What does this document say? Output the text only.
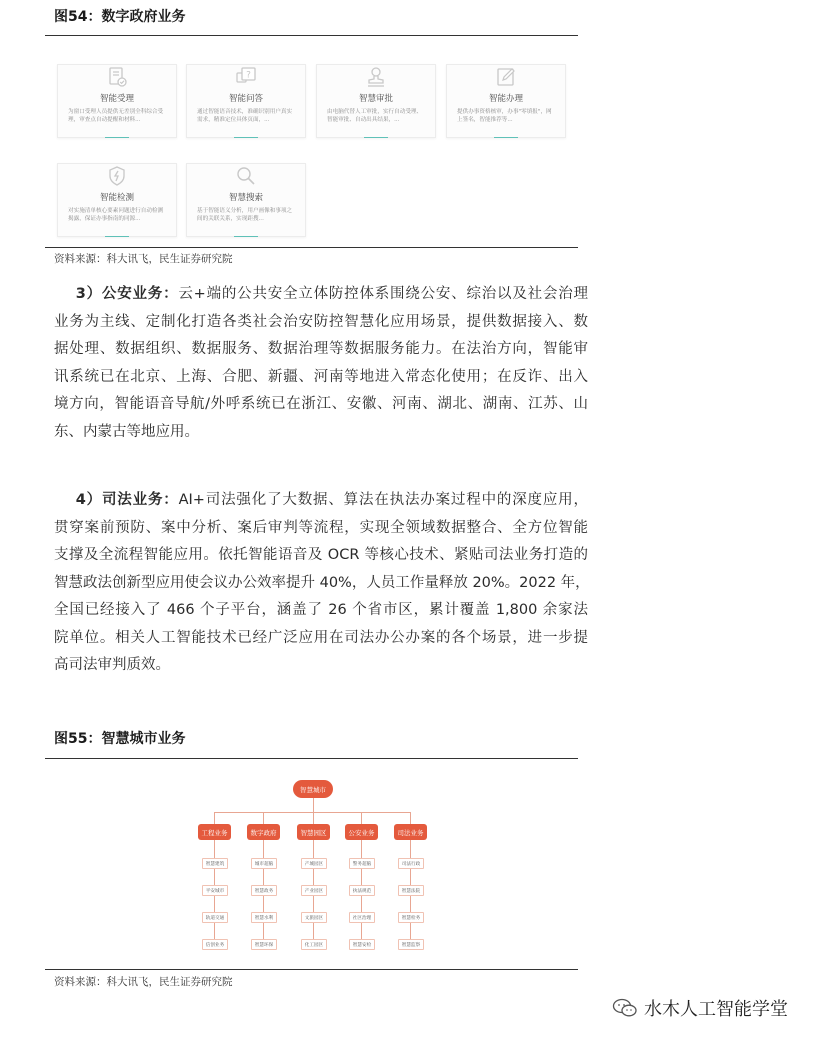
图54：数字政府业务
智能受理
为窗口受理人员提供无差别全科综合受理，审查点自动提醒和材料...
?
智能问答
通过智能语音技术，准确识别用户真实需求，精准定位具体页面，...
智慧审批
由电脑代替人工审批，实行自动受理、智能审批、自动出具结果，...
智能办理
提供办事资格核审，办事"零填报"，网上签名，智能推荐等...
智能检测
对实施清单核心要素问题进行自动检测揭露，保证办事指南的同源...
智慧搜索
基于智能语义分析，用户画像和事项之间的关联关系，实现距搜...
资料来源：科大讯飞，民生证券研究院

  3）公安业务：云+端的公共安全立体防控体系围绕公安、综治以及社会治理
业务为主线、定制化打造各类社会治安防控智慧化应用场景，提供数据接入、数
据处理、数据组织、数据服务、数据治理等数据服务能力。在法治方向，智能审
讯系统已在北京、上海、合肥、新疆、河南等地进入常态化使用；在反诈、出入
境方向，智能语音导航/外呼系统已在浙江、安徽、河南、湖北、湖南、江苏、山
东、内蒙古等地应用。

  4）司法业务：AI+司法强化了大数据、算法在执法办案过程中的深度应用，
贯穿案前预防、案中分析、案后审判等流程，实现全领域数据整合、全方位智能
支撑及全流程智能应用。依托智能语音及 OCR 等核心技术、紧贴司法业务打造的
智慧政法创新型应用使会议办公效率提升 40%，人员工作量释放 20%。2022 年，
全国已经接入了 466 个子平台，涵盖了 26 个省市区，累计覆盖 1,800 余家法
院单位。相关人工智能技术已经广泛应用在司法办公办案的各个场景，进一步提
高司法审判质效。

图55：智慧城市业务
智慧城市
工程业务	数字政府	智慧园区	公安业务	司法业务
智慧建筑
平安城市
轨道交通
信创业务
城市超脑
智慧政务
智慧水利
智慧环保
产城园区
产业园区
文旅园区
化工园区
警务超脑
执法规范
社区治理
智慧安检
司法行政
智慧法院
智慧检务
智慧监察
资料来源：科大讯飞，民生证券研究院
水木人工智能学堂
